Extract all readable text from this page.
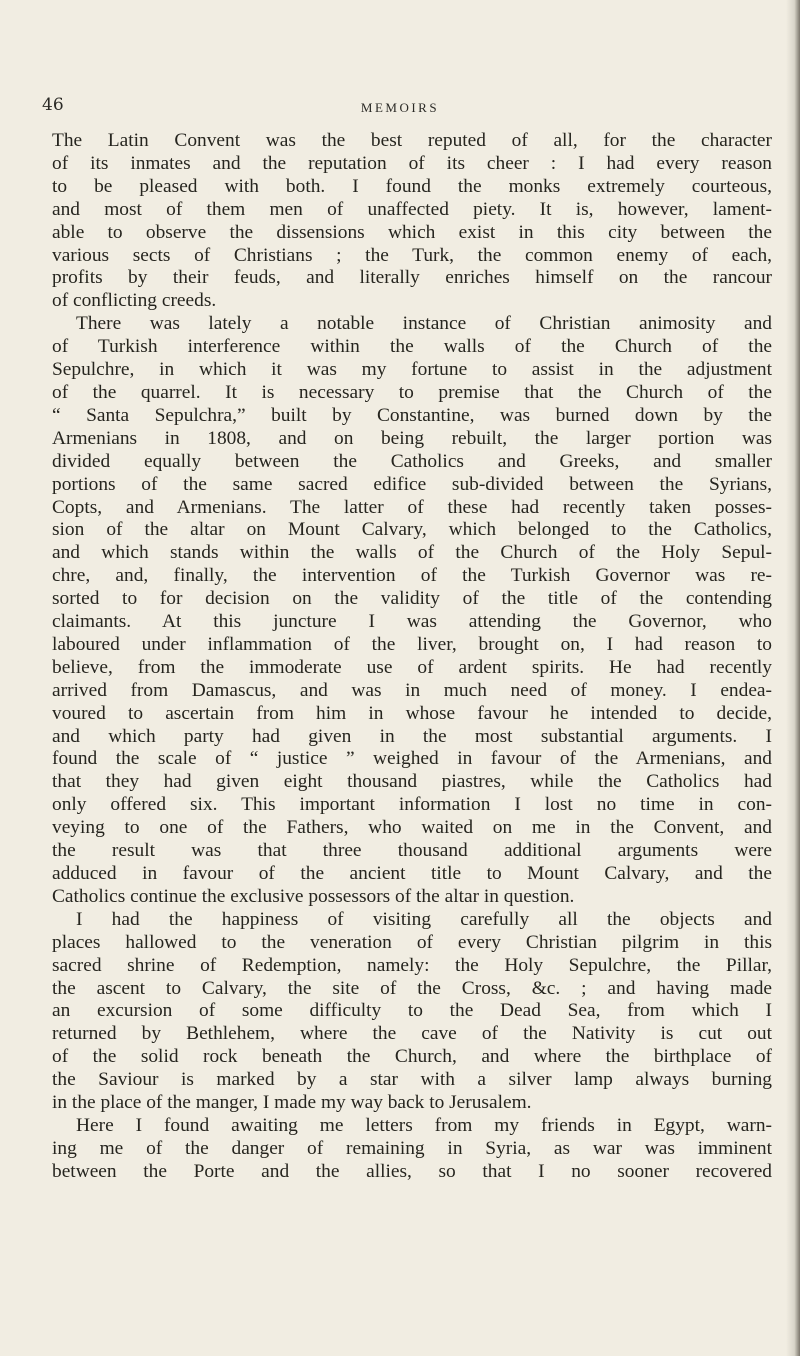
46	MEMOIRS
The Latin Convent was the best reputed of all, for the character
of its inmates and the reputation of its cheer : I had every reason
to be pleased with both. I found the monks extremely courteous,
and most of them men of unaffected piety. It is, however, lament-
able to observe the dissensions which exist in this city between the
various sects of Christians ; the Turk, the common enemy of each,
profits by their feuds, and literally enriches himself on the rancour
of conflicting creeds.
There was lately a notable instance of Christian animosity and
of Turkish interference within the walls of the Church of the
Sepulchre, in which it was my fortune to assist in the adjustment
of the quarrel. It is necessary to premise that the Church of the
“ Santa Sepulchra,” built by Constantine, was burned down by the
Armenians in 1808, and on being rebuilt, the larger portion was
divided equally between the Catholics and Greeks, and smaller
portions of the same sacred edifice sub-divided between the Syrians,
Copts, and Armenians. The latter of these had recently taken posses-
sion of the altar on Mount Calvary, which belonged to the Catholics,
and which stands within the walls of the Church of the Holy Sepul-
chre, and, finally, the intervention of the Turkish Governor was re-
sorted to for decision on the validity of the title of the contending
claimants. At this juncture I was attending the Governor, who
laboured under inflammation of the liver, brought on, I had reason to
believe, from the immoderate use of ardent spirits. He had recently
arrived from Damascus, and was in much need of money. I endea-
voured to ascertain from him in whose favour he intended to decide,
and which party had given in the most substantial arguments. I
found the scale of “ justice ” weighed in favour of the Armenians, and
that they had given eight thousand piastres, while the Catholics had
only offered six. This important information I lost no time in con-
veying to one of the Fathers, who waited on me in the Convent, and
the result was that three thousand additional arguments were
adduced in favour of the ancient title to Mount Calvary, and the
Catholics continue the exclusive possessors of the altar in question.
I had the happiness of visiting carefully all the objects and
places hallowed to the veneration of every Christian pilgrim in this
sacred shrine of Redemption, namely: the Holy Sepulchre, the Pillar,
the ascent to Calvary, the site of the Cross, &c. ; and having made
an excursion of some difficulty to the Dead Sea, from which I
returned by Bethlehem, where the cave of the Nativity is cut out
of the solid rock beneath the Church, and where the birthplace of
the Saviour is marked by a star with a silver lamp always burning
in the place of the manger, I made my way back to Jerusalem.
Here I found awaiting me letters from my friends in Egypt, warn-
ing me of the danger of remaining in Syria, as war was imminent
between the Porte and the allies, so that I no sooner recovered
